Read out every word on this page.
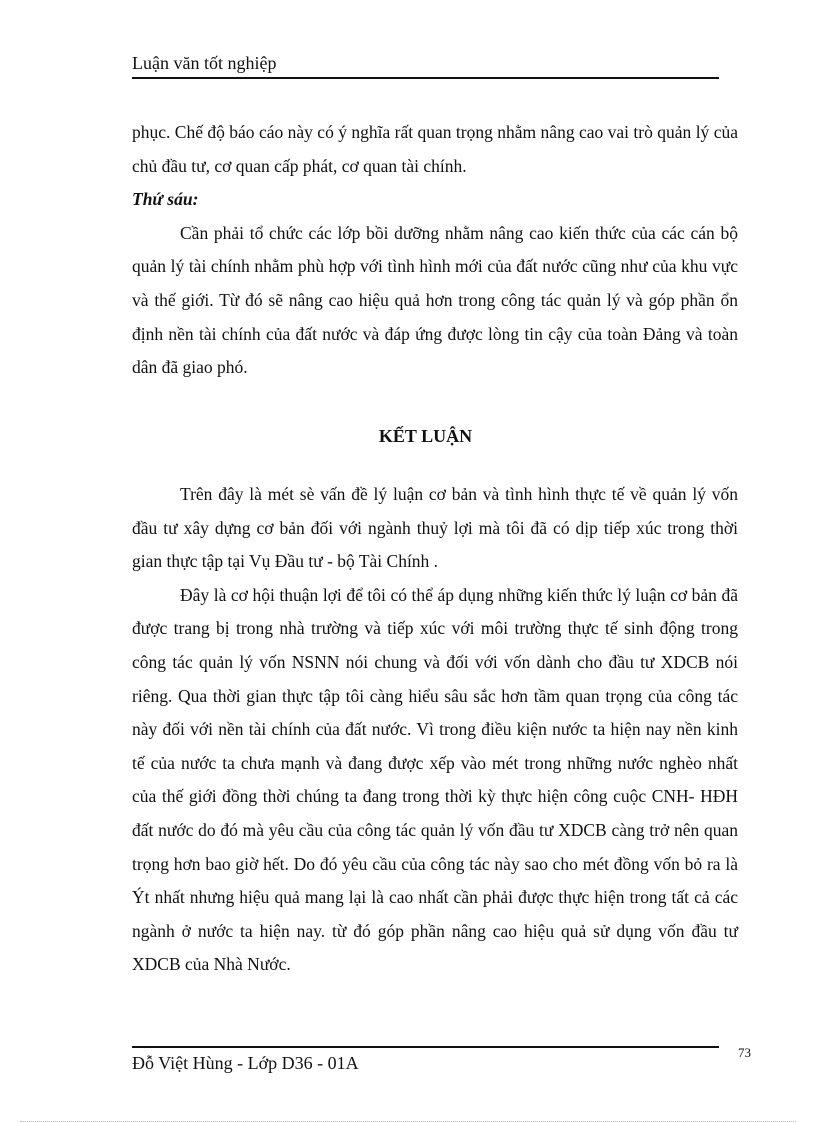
Luận văn tốt nghiệp

phục. Chế độ báo cáo này có ý nghĩa rất quan trọng nhằm nâng cao vai trò quản lý của chủ đầu tư, cơ quan cấp phát, cơ quan tài chính.

Thứ sáu:

Cần phải tổ chức các lớp bồi dưỡng nhằm nâng cao kiến thức của các cán bộ quản lý tài chính nhằm phù hợp với tình hình mới của đất nước cũng như của khu vực và thế giới. Từ đó sẽ nâng cao hiệu quả hơn trong công tác quản lý và góp phần ổn định nền tài chính của đất nước và đáp ứng được lòng tin cậy của toàn Đảng và toàn dân đã giao phó.

KẾT LUẬN

Trên đây là mét sè vấn đề lý luận cơ bản và tình hình thực tế về quản lý vốn đầu tư xây dựng cơ bản đối với ngành thuỷ lợi mà tôi đã có dịp tiếp xúc trong thời gian thực tập tại Vụ Đầu tư - bộ Tài Chính .

Đây là cơ hội thuận lợi để tôi có thể áp dụng những kiến thức lý luận cơ bản đã được trang bị trong nhà trường và tiếp xúc với môi trường thực tế sinh động trong công tác quản lý vốn NSNN nói chung và đối với vốn dành cho đầu tư XDCB nói riêng. Qua thời gian thực tập tôi càng hiểu sâu sắc hơn tầm quan trọng của công tác này đối với nền tài chính của đất nước. Vì trong điều kiện nước ta hiện nay nền kinh tế của nước ta chưa mạnh và đang được xếp vào mét trong những nước nghèo nhất của thế giới đồng thời chúng ta đang trong thời kỳ thực hiện công cuộc CNH- HĐH đất nước do đó mà yêu cầu của công tác quản lý vốn đầu tư XDCB càng trở nên quan trọng hơn bao giờ hết. Do đó yêu cầu của công tác này sao cho mét đồng vốn bỏ ra là Ýt nhất nhưng hiệu quả mang lại là cao nhất cần phải được thực hiện trong tất cả các ngành ở nước ta hiện nay. từ đó góp phần nâng cao hiệu quả sử dụng vốn đầu tư XDCB của Nhà Nước.

Đỗ Việt Hùng - Lớp D36 - 01A
73
